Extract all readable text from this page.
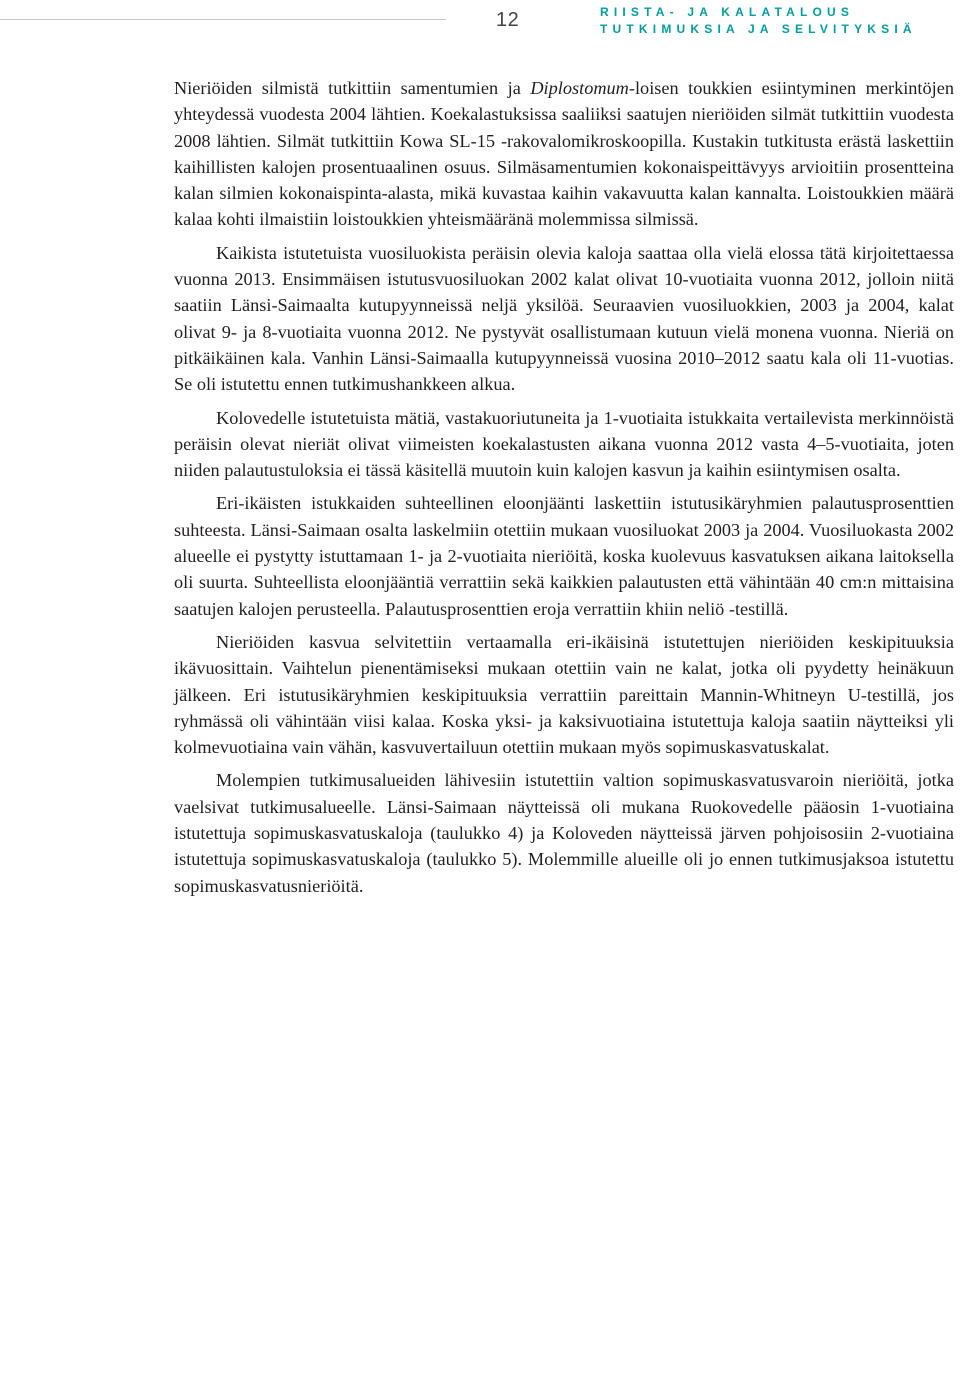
12	RIISTA- JA KALATALOUS
TUTKIMUKSIA JA SELVITYKSIÄ

Nieriöiden silmistä tutkittiin samentumien ja Diplostomum-loisen toukkien esiintyminen merkintöjen yhteydessä vuodesta 2004 lähtien. Koekalastuksissa saaliiksi saatujen nieriöiden silmät tutkittiin vuodesta 2008 lähtien. Silmät tutkittiin Kowa SL-15 -rakovalomikroskoopilla. Kustakin tutkitusta erästä laskettiin kaihillisten kalojen prosentuaalinen osuus. Silmäsamentumien kokonaispeittävyys arvioitiin prosentteina kalan silmien kokonaispinta-alasta, mikä kuvastaa kaihin vakavuutta kalan kannalta. Loistoukkien määrä kalaa kohti ilmaistiin loistoukkien yhteismääränä molemmissa silmissä.

Kaikista istutetuista vuosiluokista peräisin olevia kaloja saattaa olla vielä elossa tätä kirjoitettaessa vuonna 2013. Ensimmäisen istutusvuosiluokan 2002 kalat olivat 10-vuotiaita vuonna 2012, jolloin niitä saatiin Länsi-Saimaalta kutupyynneissä neljä yksilöä. Seuraavien vuosiluokkien, 2003 ja 2004, kalat olivat 9- ja 8-vuotiaita vuonna 2012. Ne pystyvät osallistumaan kutuun vielä monena vuonna. Nieriä on pitkäikäinen kala. Vanhin Länsi-Saimaalla kutupyynneissä vuosina 2010–2012 saatu kala oli 11-vuotias. Se oli istutettu ennen tutkimushankkeen alkua.

Kolovedelle istutetuista mätiä, vastakuoriutuneita ja 1-vuotiaita istukkaita vertailevista merkinnöistä peräisin olevat nieriät olivat viimeisten koekalastusten aikana vuonna 2012 vasta 4–5-vuotiaita, joten niiden palautustuloksia ei tässä käsitellä muutoin kuin kalojen kasvun ja kaihin esiintymisen osalta.

Eri-ikäisten istukkaiden suhteellinen eloonjäänti laskettiin istutusikäryhmien palautusprosenttien suhteesta. Länsi-Saimaan osalta laskelmiin otettiin mukaan vuosiluokat 2003 ja 2004. Vuosiluokasta 2002 alueelle ei pystytty istuttamaan 1- ja 2-vuotiaita nieriöitä, koska kuolevuus kasvatuksen aikana laitoksella oli suurta. Suhteellista eloonjääntiä verrattiin sekä kaikkien palautusten että vähintään 40 cm:n mittaisina saatujen kalojen perusteella. Palautusprosenttien eroja verrattiin khiin neliö -testillä.

Nieriöiden kasvua selvitettiin vertaamalla eri-ikäisinä istutettujen nieriöiden keskipituuksia ikävuosittain. Vaihtelun pienentämiseksi mukaan otettiin vain ne kalat, jotka oli pyydetty heinäkuun jälkeen. Eri istutusikäryhmien keskipituuksia verrattiin pareittain Mannin-Whitneyn U-testillä, jos ryhmässä oli vähintään viisi kalaa. Koska yksi- ja kaksivuotiaina istutettuja kaloja saatiin näytteiksi yli kolmevuotiaina vain vähän, kasvuvertailuun otettiin mukaan myös sopimuskasvatuskalat.

Molempien tutkimusalueiden lähivesiin istutettiin valtion sopimuskasvatusvaroin nieriöitä, jotka vaelsivat tutkimusalueelle. Länsi-Saimaan näytteissä oli mukana Ruokovedelle pääosin 1-vuotiaina istutettuja sopimuskasvatuskaloja (taulukko 4) ja Koloveden näytteissä järven pohjoisosiin 2-vuotiaina istutettuja sopimuskasvatuskaloja (taulukko 5). Molemmille alueille oli jo ennen tutkimusjaksoa istutettu sopimuskasvatusnieriöitä.
